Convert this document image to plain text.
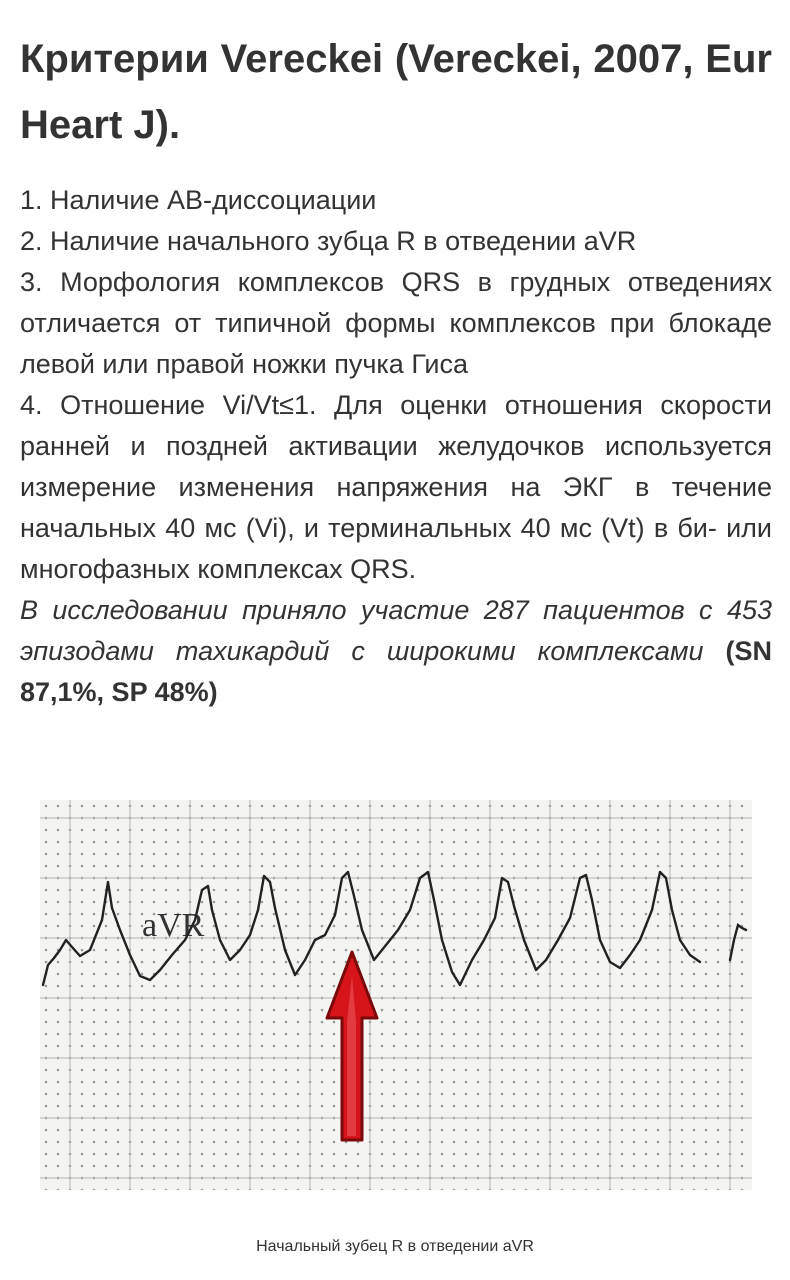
Критерии Vereckei (Vereckei, 2007, Eur Heart J).

1. Наличие АВ-диссоциации

2. Наличие начального зубца R в отведении aVR

3. Морфология комплексов QRS в грудных отведениях отличается от типичной формы комплексов при блокаде левой или правой ножки пучка Гиса

4. Отношение Vi/Vt≤1. Для оценки отношения скорости ранней и поздней активации желудочков используется измерение изменения напряжения на ЭКГ в течение начальных 40 мс (Vi), и терминальных 40 мс (Vt) в би- или многофазных комплексах QRS.

В исследовании приняло участие 287 пациентов с 453 эпизодами тахикардий с широкими комплексами (SN 87,1%, SP 48%)

aVR
Начальный зубец R в отведении aVR
